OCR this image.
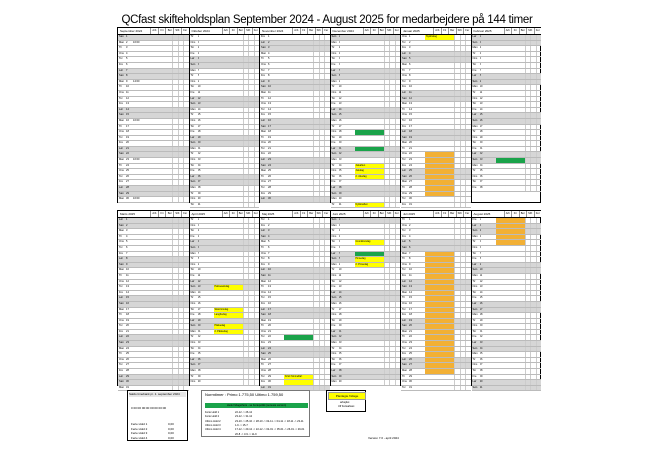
QCfast skifteholdsplan September 2024 - August 2025 for medarbejdere på 144 timer
September 2024	Arb	Fri	Ber	SIK	Fer
Søn 1
Man 2	16:00
Tir	3
Ons 4
Tor	5
Fre	6
Lør	7
Søn 8
Man 9	14:00
Tir	10
Ons 11
Tor	12
Fre	13
Lør	14
Søn 15
Man 16	16:00
Tir	17
Ons 18
Tor	19
Fre	20
Lør	21
Søn 22
Man 23	16:00
Tir	24
Ons 25
Tor	26
Fre	27
Lør	28
Søn 29
Man 30	16:00
Oktober 2024	Arb	Fri	Ber	SIK	Fer
Tir	1
Ons 2
Tor	3
Fre	4
Lør	5
Søn 6
Man 7
Tir	8
Ons 9
Tor	10
Fre	11
Lør	12
Søn 13
Man 14
Tir	15
Ons 16
Tor	17
Fre	18
Lør	19
Søn 20
Man 21
Tir	22
Ons 23
Tor	24
Fre	25
Lør	26
Søn 27
Man 28
Tir	29
Ons 30
Tor	31
November 2024	Arb	Fri	Ber	SIK	Fer
Fre	1
Lør	2
Søn 3
Man 4
Tir	5
Ons 6
Tor	7
Fre	8
Lør	9
Søn 10
Man 11
Tir	12
Ons 13
Tor	14
Fre	15
Lør	16
Søn 17
Man 18
Tir	19
Ons 20
Tor	21
Fre	22
Lør	23
Søn 24
Man 25
Tir	26
Ons 27
Tor	28
Fre	29
Lør	30
December 2024	Arb	Fri	Ber	SIK	Fer
Søn 1
Man 2
Tir	3
Ons 4
Tor	5
Fre	6
Lør	7
Søn 8
Man 9
Tir	10
Ons 11
Tor	12
Fre	13
Lør	14
Søn 15
Man 16
Tir	17
Ons 18
Tor	19
Fre	20
Lør	21
Søn 22
Man 23
Tir	24	Juleaften
Ons 25	Juledag
Tor	26	2. Juledag
Fre	27
Lør	28
Søn 29
Man 30
Tir	31	Nytårsaften
Januar 2025	Arb	Fri	Ber	SIK	Fer
Ons 1	Nytårsdag
Tor	2
Fre	3
Lør	4
Søn 5
Man 6
Tir	7
Ons 8
Tor	9
Fre	10
Lør	11
Søn 12
Man 13
Tir	14
Ons 15
Tor	16
Fre	17
Lør	18
Søn 19
Man 20
Tir	21
Ons 22
Tor	23
Fre	24
Lør	25
Søn 26
Man 27
Tir	28
Ons 29
Tor	30
Fre	31
Februar 2025	Arb	Fri	Ber	SIK	Fer
Lør	1
Søn 2
Man 3
Tir	4
Ons 5
Tor	6
Fre	7
Lør	8
Søn 9
Man 10
Tir	11
Ons 12
Tor	13
Fre	14
Lør	15
Søn 16
Man 17
Tir	18
Ons 19
Tor	20
Fre	21
Lør	22
Søn 23
Man 24
Tir	25
Ons 26
Tor	27
Fre	28
Marts 2025	Arb	Fri	Ber	SIK	Fer
Lør	1
Søn 2
Man 3
Tir	4
Ons 5
Tor	6
Fre	7
Lør	8
Søn 9
Man 10
Tir	11
Ons 12
Tor	13
Fre	14
Lør	15
Søn 16
Man 17
Tir	18
Ons 19
Tor	20
Fre	21
Lør	22
Søn 23
Man 24
Tir	25
Ons 26
Tor	27
Fre	28
Lør	29
Søn 30
Man 31
April 2025	Arb	Fri	Ber	SIK	Fer
Tir	1
Ons 2
Tor	3
Fre	4
Lør	5
Søn 6
Man 7
Tir	8
Ons 9
Tor	10
Fre	11
Lør	12
Søn 13	Palmesøndag
Man 14
Tir	15
Ons 16
Tor	17	Skærtorsdag
Fre	18	Langfredag
Lør	19
Søn 20	Påskedag
Man 21	2. Påskedag
Tir	22
Ons 23
Tor	24
Fre	25
Lør	26
Søn 27
Man 28
Tir	29
Ons 30
Maj 2025	Arb	Fri	Ber	SIK	Fer
Tor	1
Fre	2
Lør	3
Søn 4
Man 5
Tir	6
Ons 7
Tor	8
Fre	9
Lør	10
Søn 11
Man 12
Tir	13
Ons 14
Tor	15
Fre	16
Lør	17
Søn 18
Man 19
Tir	20
Ons 21
Tor	22
Fre	23
Lør	24
Søn 25
Man 26
Tir	27
Ons 28
Tor	29	Kristi himmelfart
Fre	30
Lør	31
Juni 2025	Arb	Fri	Ber	SIK	Fer
Søn 1
Man 2
Tir	3
Ons 4
Tor	5	Grundlovsdag
Fre	6
Lør	7
Søn 8	Pinsedag
Man 9	2. Pinsedag
Tir	10
Ons 11
Tor	12
Fre	13
Lør	14
Søn 15
Man 16
Tir	17
Ons 18
Tor	19
Fre	20
Lør	21
Søn 22
Man 23
Tir	24
Ons 25
Tor	26
Fre	27
Lør	28
Søn 29
Man 30
Juli 2025	Arb	Fri	Ber	SIK	Fer
Tir	1
Ons 2
Tor	3
Fre	4
Lør	5
Søn 6
Man 7
Tir	8
Ons 9
Tor	10
Fre	11
Lør	12
Søn 13
Man 14
Tir	15
Ons 16
Tor	17
Fre	18
Lør	19
Søn 20
Man 21
Tir	22
Ons 23
Tor	24
Fre	25
Lør	26
Søn 27
Man 28
Tir	29
Ons 30
Tor	31
August 2025	Arb	Fri	Ber	SIK	Fer
Fre	1
Lør	2
Søn 3
Man 4
Tir	5
Ons 6
Tor	7
Fre	8
Lør	9
Søn 10
Man 11
Tir	12
Ons 13
Tor	14
Fre	15
Lør	16
Søn 17
Man 18
Tir	19
Ons 20
Tor	21
Fre	22
Lør	23
Søn 24
Man 25
Tir	26
Ons 27
Tor	28
Fre	29
Lør	30
Søn 31
Saldo timebank pr. 1. september 2024
0 00:00 00:00 00:00 00:00
Ferie Hold 1	0,00
Ferie Hold 2	0,00
Ferie Hold 3	0,00
Ferie Hold 4	0,00
Normtimer : Primo 1.775,50 Ultimo 1.759,50
Husk fridage/ferie - se Feriepolitik (seneste version)
Ferie Hold 1	22-12 -> 26-12
Ferie Hold 2	23-12 -> 31-12
Ultimo Hold 2	23-10 -> 25-10 -> 28-10 -> 02-11 -> 04-11 -> 18-11 -> 23-11
Ultimo Hold 3	1-6 -> 15-7
Ultimo Hold 4	17-12 -> 20-12 -> 22-12 -> 02-01 -> 05-01 -> 26-01 -> 29-01
20-8 -> 3-9 -> 11-9
Planlagte fridage
arbejdet
Ulf Ferieafsæt
Version 7.0 - april 2024
